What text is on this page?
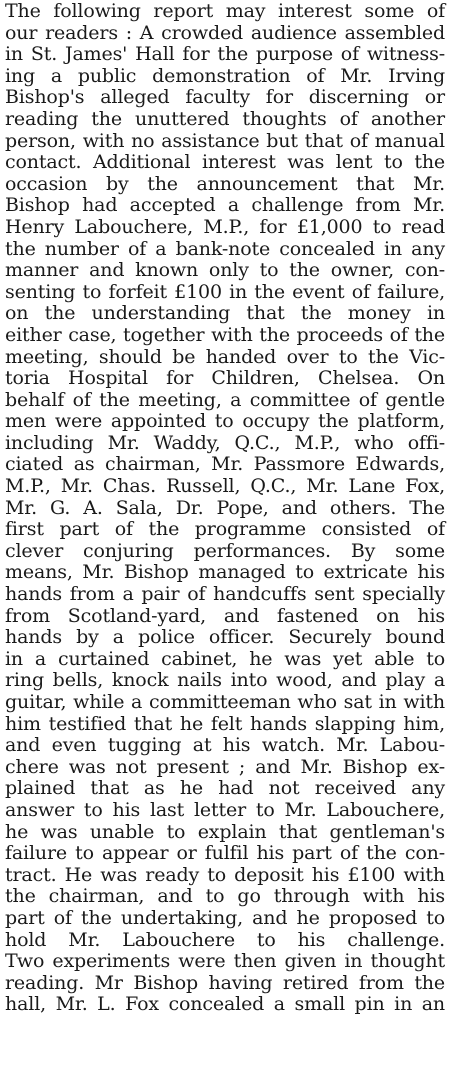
The following report may interest some of
our readers : A crowded audience assembled
in St. James' Hall for the purpose of witness-
ing a public demonstration of Mr. Irving
Bishop's alleged faculty for discerning or
reading the unuttered thoughts of another
person, with no assistance but that of manual
contact. Additional interest was lent to the
occasion by the announcement that Mr.
Bishop had accepted a challenge from Mr.
Henry Labouchere, M.P., for £1,000 to read
the number of a bank-note concealed in any
manner and known only to the owner, con-
senting to forfeit £100 in the event of failure,
on the understanding that the money in
either case, together with the proceeds of the
meeting, should be handed over to the Vic-
toria Hospital for Children, Chelsea. On
behalf of the meeting, a committee of gentle
men were appointed to occupy the platform,
including Mr. Waddy, Q.C., M.P., who offi-
ciated as chairman, Mr. Passmore Edwards,
M.P., Mr. Chas. Russell, Q.C., Mr. Lane Fox,
Mr. G. A. Sala, Dr. Pope, and others. The
first part of the programme consisted of
clever conjuring performances. By some
means, Mr. Bishop managed to extricate his
hands from a pair of handcuffs sent specially
from Scotland-yard, and fastened on his
hands by a police officer. Securely bound
in a curtained cabinet, he was yet able to
ring bells, knock nails into wood, and play a
guitar, while a committeeman who sat in with
him testified that he felt hands slapping him,
and even tugging at his watch. Mr. Labou-
chere was not present ; and Mr. Bishop ex-
plained that as he had not received any
answer to his last letter to Mr. Labouchere,
he was unable to explain that gentleman's
failure to appear or fulfil his part of the con-
tract. He was ready to deposit his £100 with
the chairman, and to go through with his
part of the undertaking, and he proposed to
hold Mr. Labouchere to his challenge.
Two experiments were then given in thought
reading. Mr Bishop having retired from the
hall, Mr. L. Fox concealed a small pin in an
